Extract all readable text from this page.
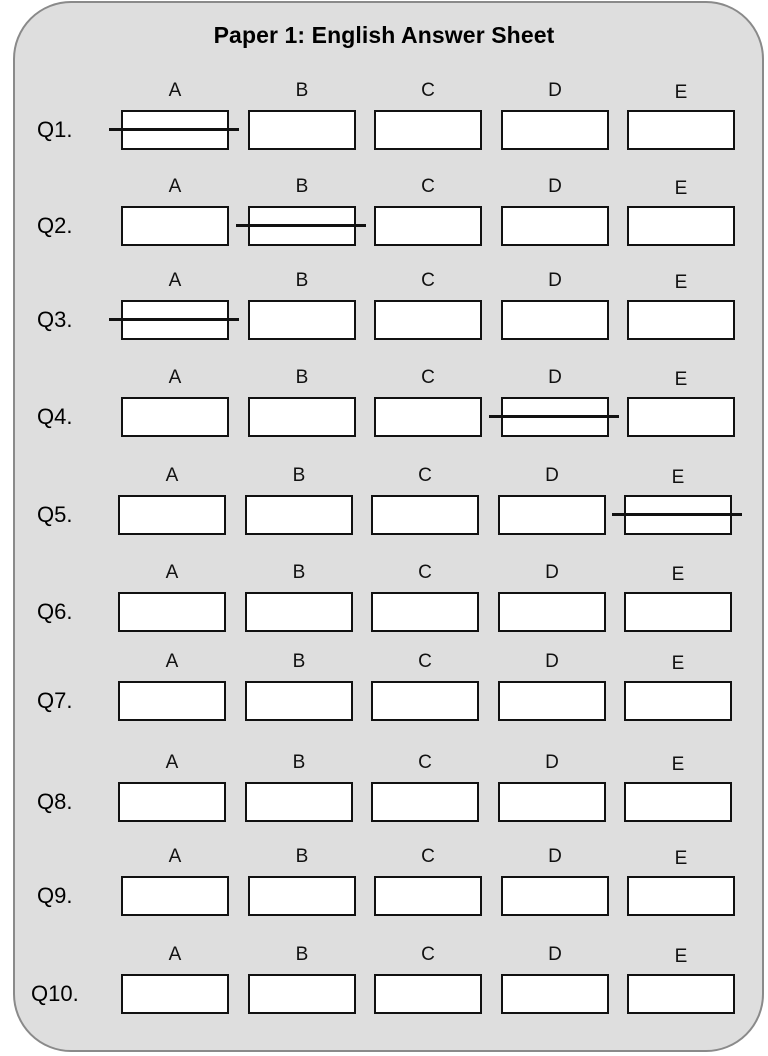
Paper 1: English Answer Sheet
Q1.
A	B	C	D	E
Q2.
A	B	C	D	E
Q3.
A	B	C	D	E
Q4.
A	B	C	D	E
Q5.
A	B	C	D	E
Q6.
A	B	C	D	E
Q7.
A	B	C	D	E
Q8.
A	B	C	D	E
Q9.
A	B	C	D	E
Q10.
A	B	C	D	E
